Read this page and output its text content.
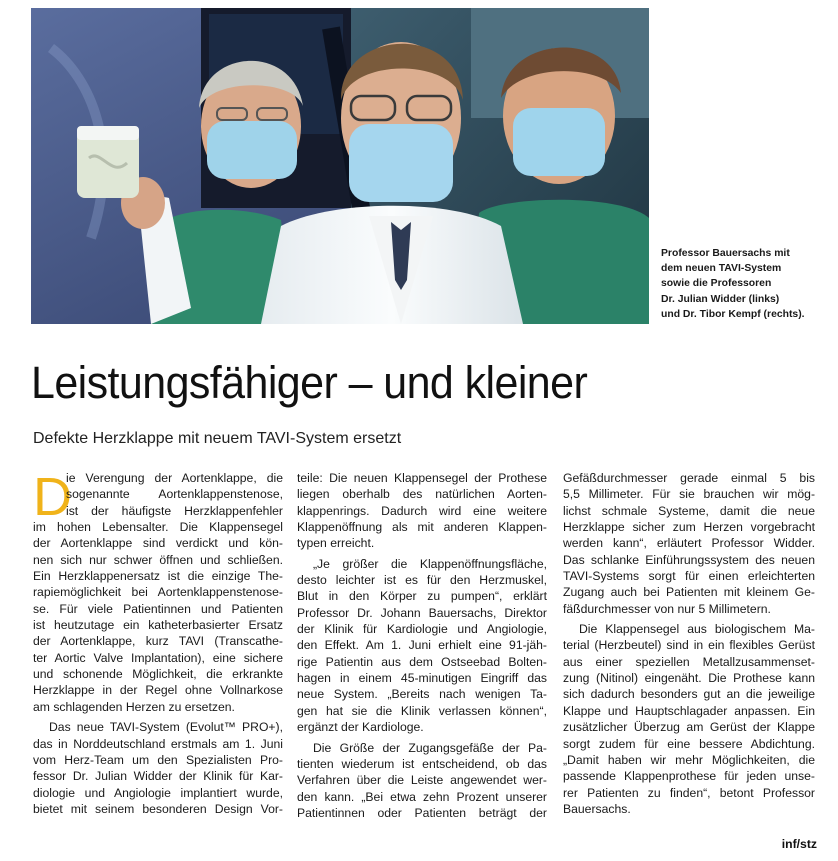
Professor Bauersachs mit
dem neuen TAVI-System
sowie die Professoren
Dr. Julian Widder (links)
und Dr. Tibor Kempf (rechts).
Leistungsfähiger – und kleiner
Defekte Herzklappe mit neuem TAVI-System ersetzt
D
ie Verengung der Aortenklappe, die
sogenannte Aortenklappenstenose,
ist der häufigste Herzklappenfehler
im hohen Lebensalter. Die Klappensegel
der Aortenklappe sind verdickt und kön-
nen sich nur schwer öffnen und schließen.
Ein Herzklappenersatz ist die einzige The-
rapiemöglichkeit bei Aortenklappenstenose-
se. Für viele Patientinnen und Patienten
ist heutzutage ein katheterbasierter Ersatz
der Aortenklappe, kurz TAVI (Transcathe-
ter Aortic Valve Implantation), eine sichere
und schonende Möglichkeit, die erkrankte
Herzklappe in der Regel ohne Vollnarkose
am schlagenden Herzen zu ersetzen.
Das neue TAVI-System (Evolut™ PRO+),
das in Norddeutschland erstmals am 1. Juni
vom Herz-Team um den Spezialisten Pro-
fessor Dr. Julian Widder der Klinik für Kar-
diologie und Angiologie implantiert wurde,
bietet mit seinem besonderen Design Vor-
teile: Die neuen Klappensegel der Prothese
liegen oberhalb des natürlichen Aorten-
klappenrings. Dadurch wird eine weitere
Klappenöffnung als mit anderen Klappen-
typen erreicht.
„Je größer die Klappenöffnungsfläche,
desto leichter ist es für den Herzmuskel,
Blut in den Körper zu pumpen“, erklärt
Professor Dr. Johann Bauersachs, Direktor
der Klinik für Kardiologie und Angiologie,
den Effekt. Am 1. Juni erhielt eine 91-jäh-
rige Patientin aus dem Ostseebad Bolten-
hagen in einem 45-minutigen Eingriff das
neue System. „Bereits nach wenigen Ta-
gen hat sie die Klinik verlassen können“,
ergänzt der Kardiologe.
Die Größe der Zugangsgefäße der Pa-
tienten wiederum ist entscheidend, ob das
Verfahren über die Leiste angewendet wer-
den kann. „Bei etwa zehn Prozent unserer
Patientinnen oder Patienten beträgt der
Gefäßdurchmesser gerade einmal 5 bis
5,5 Millimeter. Für sie brauchen wir mög-
lichst schmale Systeme, damit die neue
Herzklappe sicher zum Herzen vorgebracht
werden kann“, erläutert Professor Widder.
Das schlanke Einführungssystem des neuen
TAVI-Systems sorgt für einen erleichterten
Zugang auch bei Patienten mit kleinem Ge-
fäßdurchmesser von nur 5 Millimetern.
Die Klappensegel aus biologischem Ma-
terial (Herzbeutel) sind in ein flexibles Gerüst
aus einer speziellen Metallzusammenset-
zung (Nitinol) eingenäht. Die Prothese kann
sich dadurch besonders gut an die jeweilige
Klappe und Hauptschlagader anpassen. Ein
zusätzlicher Überzug am Gerüst der Klappe
sorgt zudem für eine bessere Abdichtung.
„Damit haben wir mehr Möglichkeiten, die
passende Klappenprothese für jeden unse-
rer Patienten zu finden“, betont Professor
Bauersachs.
inf/stz
